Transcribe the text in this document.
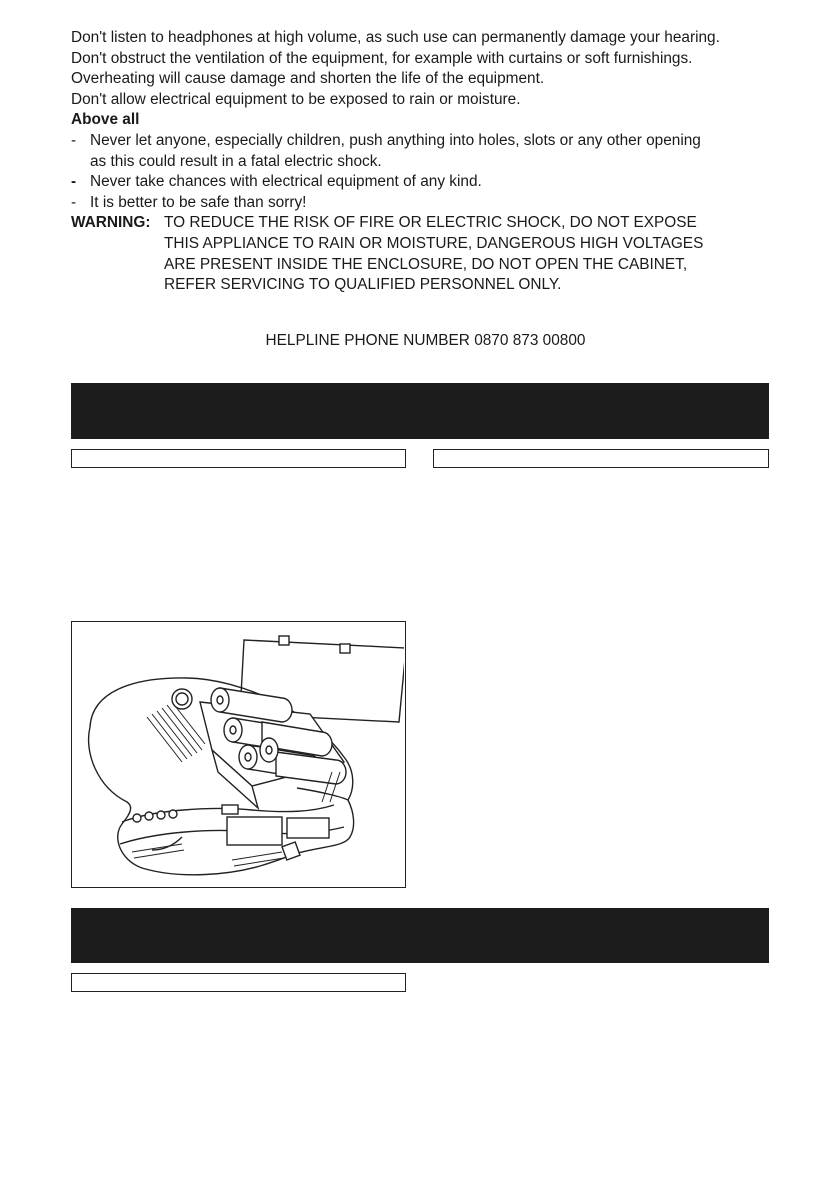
Don't listen to headphones at high volume, as such use can permanently damage your hearing.

Don't obstruct the ventilation of the equipment, for example with curtains or soft furnishings.

Overheating will cause damage and shorten the life of the equipment.

Don't allow electrical equipment to be exposed to rain or moisture.

Above all

- Never let anyone, especially children, push anything into holes, slots or any other opening

as this could result in a fatal electric shock.

- Never take chances with electrical equipment of any kind.

- It is better to be safe than sorry!

WARNING: TO REDUCE THE RISK OF FIRE OR ELECTRIC SHOCK, DO NOT EXPOSE
THIS APPLIANCE TO RAIN OR MOISTURE, DANGEROUS HIGH VOLTAGES
ARE PRESENT INSIDE THE ENCLOSURE, DO NOT OPEN THE CABINET,
REFER SERVICING TO QUALIFIED PERSONNEL ONLY.
HELPLINE PHONE NUMBER 0870 873 00800
